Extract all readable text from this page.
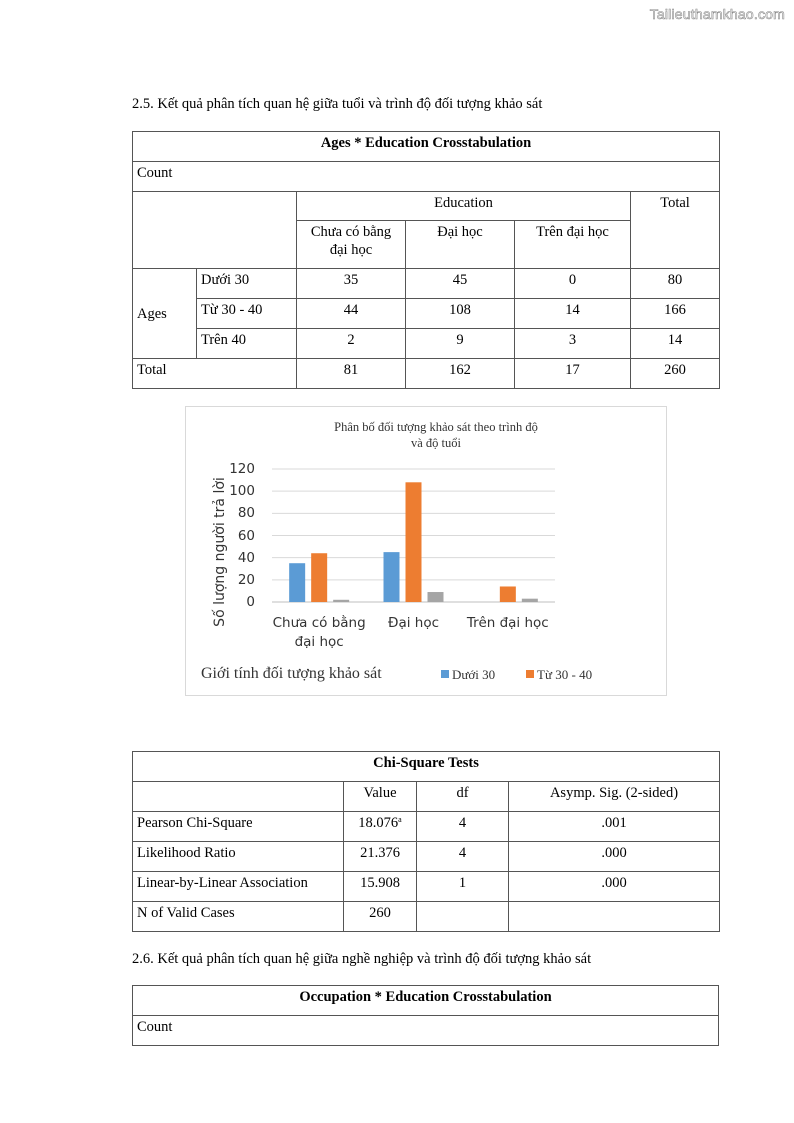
Tailieuthamkhao.com
2.5. Kết quả phân tích quan hệ giữa tuổi và trình độ đối tượng khảo sát
Ages * Education Crosstabulation					
Count					
		Education			Total
		Chưa có bằng đại học	Đại học	Trên đại học	
Ages	Dưới 30	35	45	0	80
	Từ 30 - 40	44	108	14	166
	Trên 40	2	9	3	14
Total		81	162	17	260
Phân bố đối tượng khảo sát theo trình độ
và độ tuổi
Số lượng người trả lời	0
20
40
60
80
100
120
Chưa có bằng
đại học
Đại học	Trên đại học
Giới tính đối tượng khảo sát	Dưới 30	Từ 30 - 40
Chi-Square Tests			
	Value	df	Asymp. Sig. (2-sided)
Pearson Chi-Square	18.076$^a$	4	.001
Likelihood Ratio	21.376	4	.000
Linear-by-Linear Association	15.908	1	.000
N of Valid Cases	260		
2.6. Kết quả phân tích quan hệ giữa nghề nghiệp và trình độ đối tượng khảo sát
Occupation * Education Crosstabulation
Count
